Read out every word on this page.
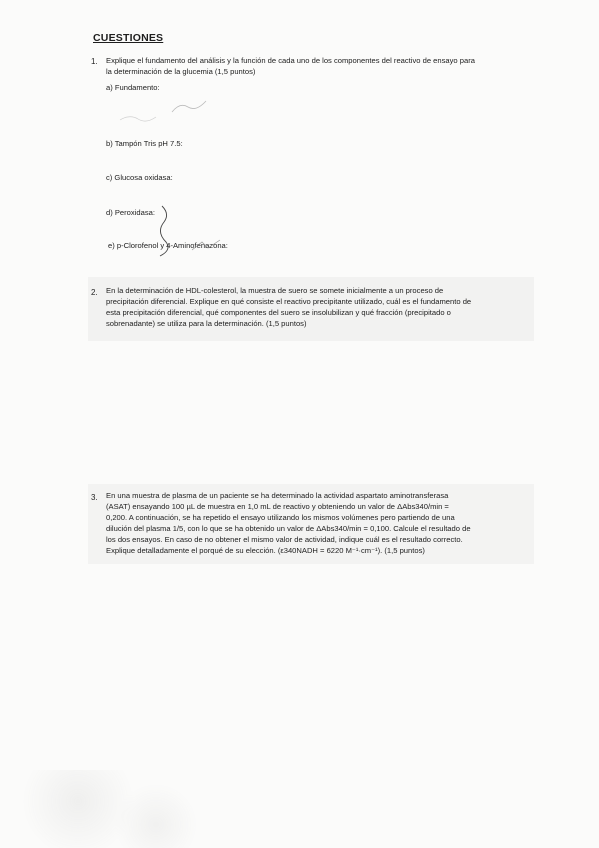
CUESTIONES
1. Explique el fundamento del análisis y la función de cada uno de los componentes del reactivo de ensayo para
la determinación de la glucemia (1,5 puntos)
a) Fundamento:
b) Tampón Tris pH 7.5:
c) Glucosa oxidasa:
d) Peroxidasa:
e) p-Clorofenol y 4-Aminofenazona:
2. En la determinación de HDL-colesterol, la muestra de suero se somete inicialmente a un proceso de
precipitación diferencial. Explique en qué consiste el reactivo precipitante utilizado, cuál es el fundamento de
esta precipitación diferencial, qué componentes del suero se insolubilizan y qué fracción (precipitado o
sobrenadante) se utiliza para la determinación. (1,5 puntos)
3. En una muestra de plasma de un paciente se ha determinado la actividad aspartato aminotransferasa
(ASAT) ensayando 100 µL de muestra en 1,0 mL de reactivo y obteniendo un valor de ΔAbs340/min =
0,200. A continuación, se ha repetido el ensayo utilizando los mismos volúmenes pero partiendo de una
dilución del plasma 1/5, con lo que se ha obtenido un valor de ΔAbs340/min = 0,100. Calcule el resultado de
los dos ensayos. En caso de no obtener el mismo valor de actividad, indique cuál es el resultado correcto.
Explique detalladamente el porqué de su elección. (ε340NADH = 6220 M⁻¹·cm⁻¹). (1,5 puntos)
